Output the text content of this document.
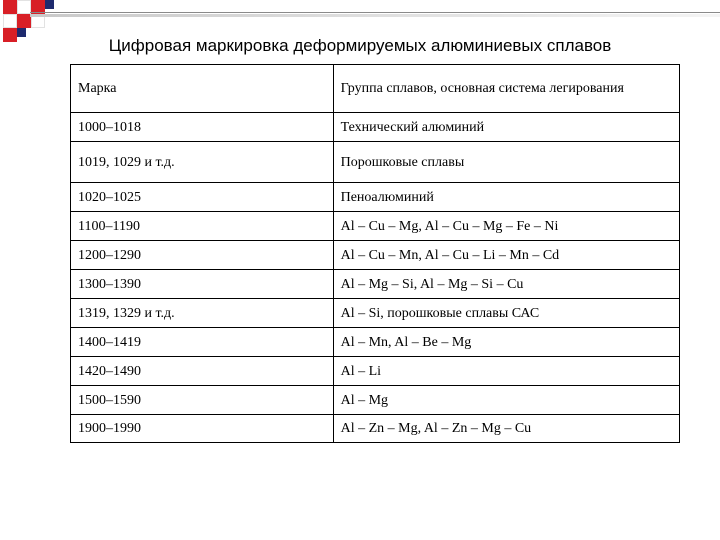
Цифровая маркировка деформируемых алюминиевых сплавов
Марка	Группа сплавов, основная система легирования
1000–1018	Технический алюминий
1019, 1029 и т.д.	Порошковые сплавы
1020–1025	Пеноалюминий
1100–1190	Al – Cu – Mg, Al – Cu – Mg – Fe – Ni
1200–1290	Al – Cu – Mn, Al – Cu – Li – Mn – Cd
1300–1390	Al – Mg – Si, Al – Mg – Si – Cu
1319, 1329 и т.д.	Al – Si, порошковые сплавы САС
1400–1419	Al – Mn, Al – Be – Mg
1420–1490	Al – Li
1500–1590	Al – Mg
1900–1990	Al – Zn – Mg, Al – Zn – Mg – Cu
